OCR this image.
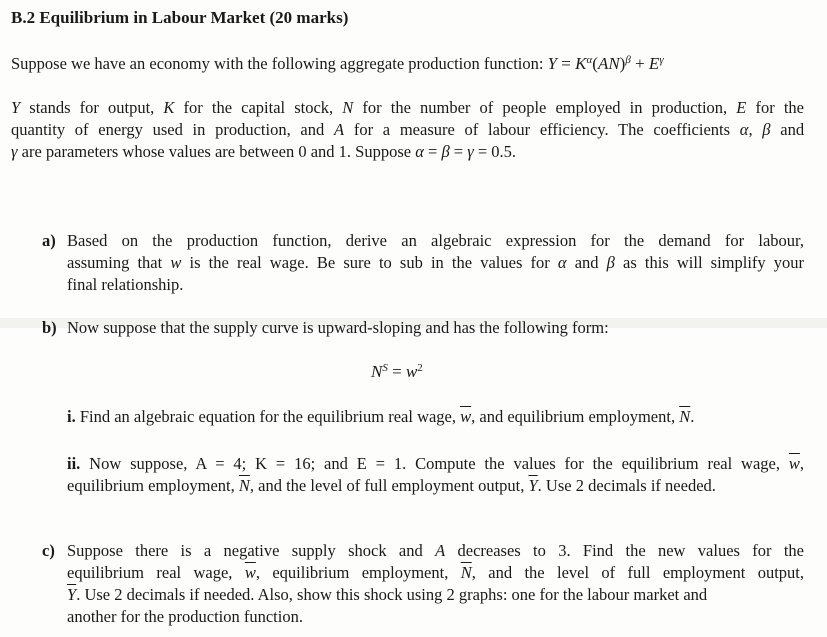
B.2 Equilibrium in Labour Market (20 marks)
Suppose we have an economy with the following aggregate production function: $Y = K^\alpha(AN)^\beta + E^\gamma$
Y stands for output, K for the capital stock, N for the number of people employed in production, E for the
quantity of energy used in production, and A for a measure of labour efficiency. The coefficients α, β and
γ are parameters whose values are between 0 and 1. Suppose α = β = γ = 0.5.
a) Based on the production function, derive an algebraic expression for the demand for labour,
assuming that w is the real wage. Be sure to sub in the values for α and β as this will simplify your
final relationship.
b) Now suppose that the supply curve is upward-sloping and has the following form:
$N^S = w^2$
i. Find an algebraic equation for the equilibrium real wage, $\overline{w}$, and equilibrium employment, $\overline{N}$.
ii. Now suppose, A = 4; K = 16; and E = 1. Compute the values for the equilibrium real wage, $\overline{w}$,
equilibrium employment, $\overline{N}$, and the level of full employment output, $\overline{Y}$. Use 2 decimals if needed.
c) Suppose there is a negative supply shock and A decreases to 3. Find the new values for the
equilibrium real wage, $\overline{w}$, equilibrium employment, $\overline{N}$, and the level of full employment output,
$\overline{Y}$. Use 2 decimals if needed. Also, show this shock using 2 graphs: one for the labour market and
another for the production function.
